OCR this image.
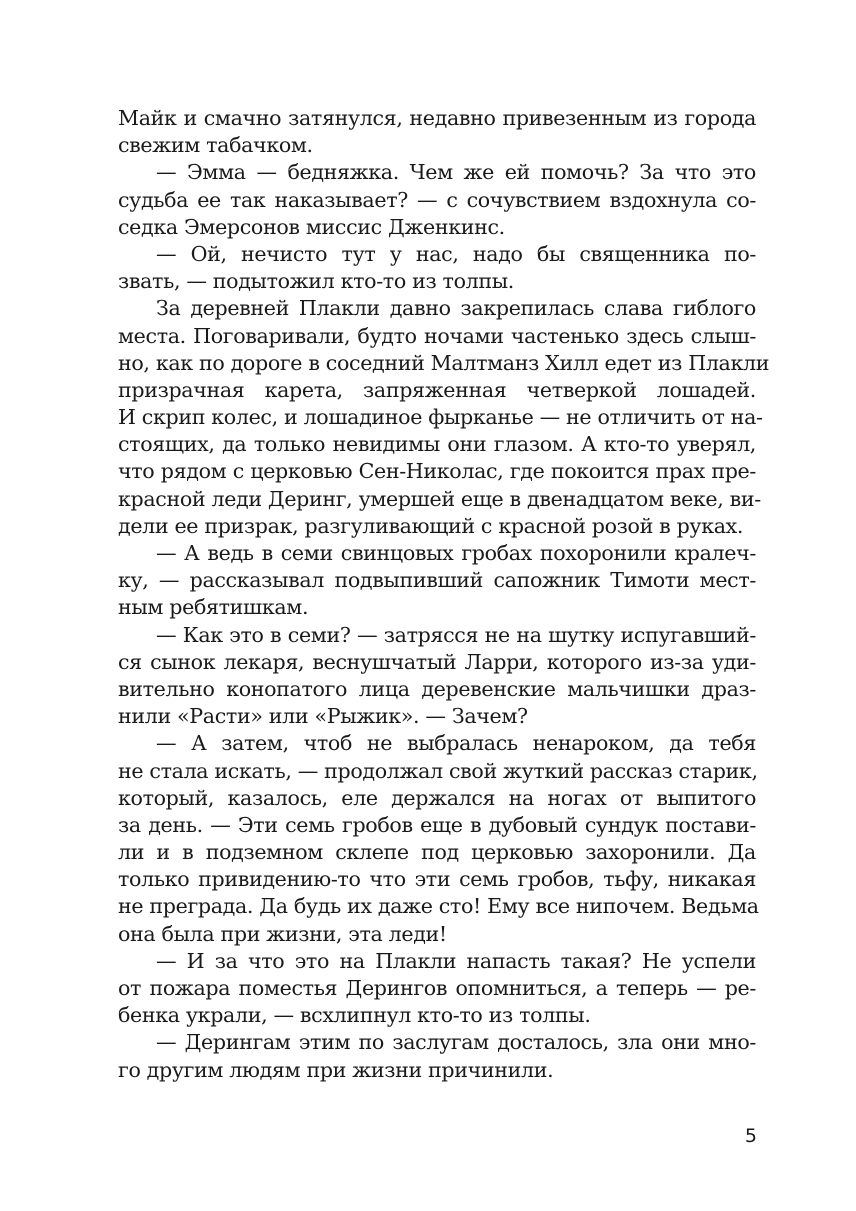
Майк и смачно затянулся, недавно привезенным из города
свежим табачком.
— Эмма — бедняжка. Чем же ей помочь? За что это
судьба ее так наказывает? — с сочувствием вздохнула со-
седка Эмерсонов миссис Дженкинс.
— Ой, нечисто тут у нас, надо бы священника по-
звать, — подытожил кто-то из толпы.
За деревней Плакли давно закрепилась слава гиблого
места. Поговаривали, будто ночами частенько здесь слыш-
но, как по дороге в соседний Малтманз Хилл едет из Плакли
призрачная карета, запряженная четверкой лошадей.
И скрип колес, и лошадиное фырканье — не отличить от на-
стоящих, да только невидимы они глазом. А кто-то уверял,
что рядом с церковью Сен-Николас, где покоится прах пре-
красной леди Деринг, умершей еще в двенадцатом веке, ви-
дели ее призрак, разгуливающий с красной розой в руках.
— А ведь в семи свинцовых гробах похоронили кралеч-
ку, — рассказывал подвыпивший сапожник Тимоти мест-
ным ребятишкам.
— Как это в семи? — затрясся не на шутку испугавший-
ся сынок лекаря, веснушчатый Ларри, которого из-за уди-
вительно конопатого лица деревенские мальчишки драз-
нили «Расти» или «Рыжик». — Зачем?
— А затем, чтоб не выбралась ненароком, да тебя
не стала искать, — продолжал свой жуткий рассказ старик,
который, казалось, еле держался на ногах от выпитого
за день. — Эти семь гробов еще в дубовый сундук постави-
ли и в подземном склепе под церковью захоронили. Да
только привидению-то что эти семь гробов, тьфу, никакая
не преграда. Да будь их даже сто! Ему все нипочем. Ведьма
она была при жизни, эта леди!
— И за что это на Плакли напасть такая? Не успели
от пожара поместья Дерингов опомниться, а теперь — ре-
бенка украли, — всхлипнул кто-то из толпы.
— Дерингам этим по заслугам досталось, зла они мно-
го другим людям при жизни причинили.
5
